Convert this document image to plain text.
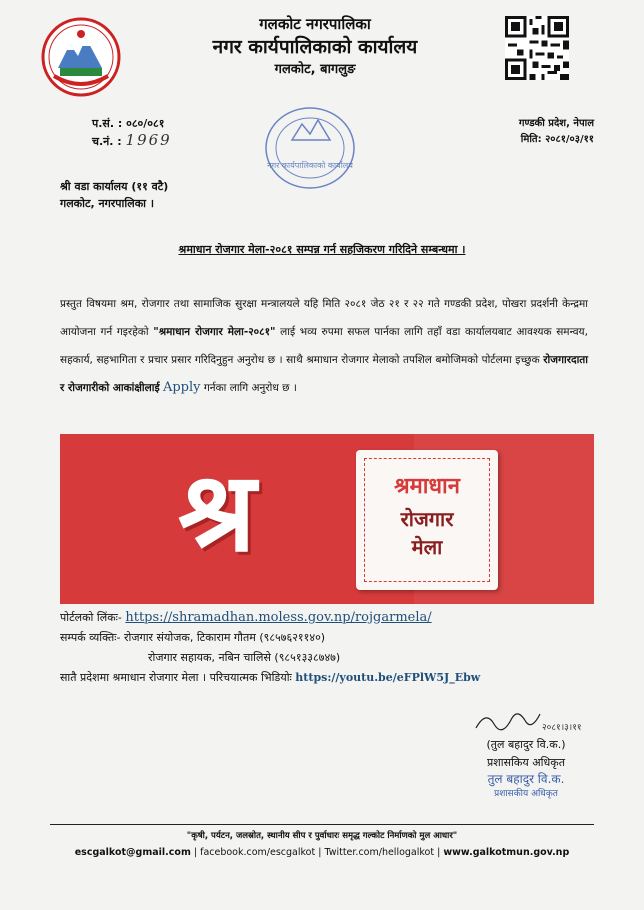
गलकोट नगरपालिका
नगर कार्यपालिकाको कार्यालय
गलकोट, बागलुङ
प.सं. : ०८०/०८१
च.नं. : 1969
गण्डकी प्रदेश, नेपाल
मिति: २०८१/०३/११
नगर कार्यपालिकाको कार्यालय
श्री वडा कार्यालय (११ वटै)
गलकोट, नगरपालिका ।
श्रमाधान रोजगार मेला-२०८१ सम्पन्न गर्न सहजिकरण गरिदिने सम्बन्धमा ।
प्रस्तुत विषयमा श्रम, रोजगार तथा सामाजिक सुरक्षा मन्त्रालयले यहि मिति २०८१ जेठ २१ र २२ गते गण्डकी प्रदेश, पोखरा प्रदर्शनी केन्द्रमा आयोजना गर्न गइरहेको "श्रमाधान रोजगार मेला-२०८१" लाई भव्य रुपमा सफल पार्नका लागि तहाँ वडा कार्यालयबाट आवश्यक समन्वय, सहकार्य, सहभागिता र प्रचार प्रसार गरिदिनुहुन अनुरोध छ । साथै श्रमाधान रोजगार मेलाको तपशिल बमोजिमको पोर्टलमा इच्छुक रोजगारदाता र रोजगारीको आकांक्षीलाई Apply गर्नका लागि अनुरोध छ ।
श्र	श्रमाधान
रोजगार
मेला
पोर्टलको लिंकः- https://shramadhan.moless.gov.np/rojgarmela/
सम्पर्क व्यक्तिः- रोजगार संयोजक, टिकाराम गौतम (९८५७६२११४०)
रोजगार सहायक, नबिन चालिसे (९८५१३३८७४७)
सातै प्रदेशमा श्रमाधान रोजगार मेला । परिचयात्मक भिडियोः https://youtu.be/eFPlW5J_Ebw
२०८१।३।११
(तुल बहादुर वि.क.)
प्रशासकिय अधिकृत
तुल बहादुर वि.क.
प्रशासकीय अधिकृत
"कृषी, पर्यटन, जलस्रोत, स्थानीय सीप र पुर्वाधारः समृद्ध गल्कोट निर्माणको मुल आधार"
escgalkot@gmail.com | facebook.com/escgalkot | Twitter.com/hellogalkot | www.galkotmun.gov.np
